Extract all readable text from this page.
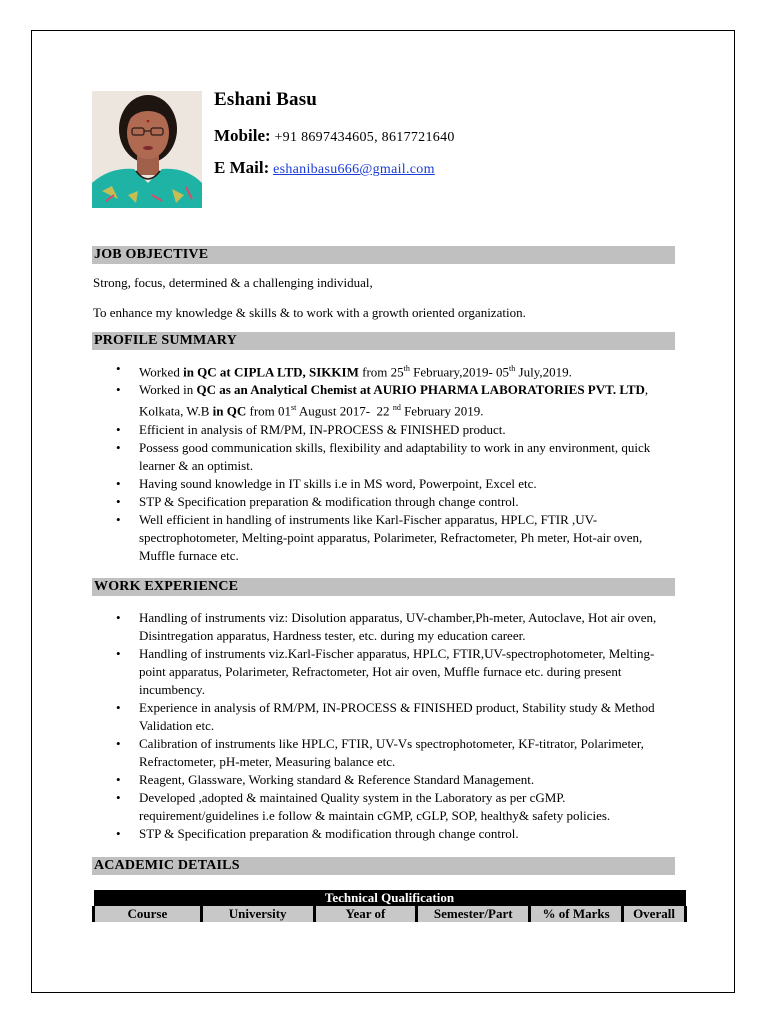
Eshani Basu
Mobile: +91 8697434605, 8617721640
E Mail: eshanibasu666@gmail.com
JOB OBJECTIVE
Strong, focus, determined & a challenging individual,
To enhance my knowledge & skills & to work with a growth oriented organization.
PROFILE SUMMARY
• Worked in QC at CIPLA LTD, SIKKIM from 25th February,2019- 05th July,2019.
• Worked in QC as an Analytical Chemist at AURIO PHARMA LABORATORIES PVT. LTD, Kolkata, W.B in QC from 01st August 2017-  22 $^{nd}$ February 2019.
• Efficient in analysis of RM/PM, IN-PROCESS & FINISHED product.
• Possess good communication skills, flexibility and adaptability to work in any environment, quick learner & an optimist.
• Having sound knowledge in IT skills i.e in MS word, Powerpoint, Excel etc.
• STP & Specification preparation & modification through change control.
• Well efficient in handling of instruments like Karl-Fischer apparatus, HPLC, FTIR ,UV-spectrophotometer, Melting-point apparatus, Polarimeter, Refractometer, Ph meter, Hot-air oven, Muffle furnace etc.
WORK EXPERIENCE
• Handling of instruments viz: Disolution apparatus, UV-chamber,Ph-meter, Autoclave, Hot air oven, Disintregation apparatus, Hardness tester, etc. during my education career.
• Handling of instruments viz.Karl-Fischer apparatus, HPLC, FTIR,UV-spectrophotometer, Melting-point apparatus, Polarimeter, Refractometer, Hot air oven, Muffle furnace etc. during present incumbency.
• Experience in analysis of RM/PM, IN-PROCESS & FINISHED product, Stability study & Method Validation etc.
• Calibration of instruments like HPLC, FTIR, UV-Vs spectrophotometer, KF-titrator, Polarimeter, Refractometer, pH-meter, Measuring balance etc.
• Reagent, Glassware, Working standard & Reference Standard Management.
• Developed ,adopted & maintained Quality system in the Laboratory as per cGMP. requirement/guidelines i.e follow & maintain cGMP, cGLP, SOP, healthy& safety policies.
• STP & Specification preparation & modification through change control.
ACADEMIC DETAILS
Technical Qualification
Course	University	Year of	Semester/Part	% of Marks	Overall
